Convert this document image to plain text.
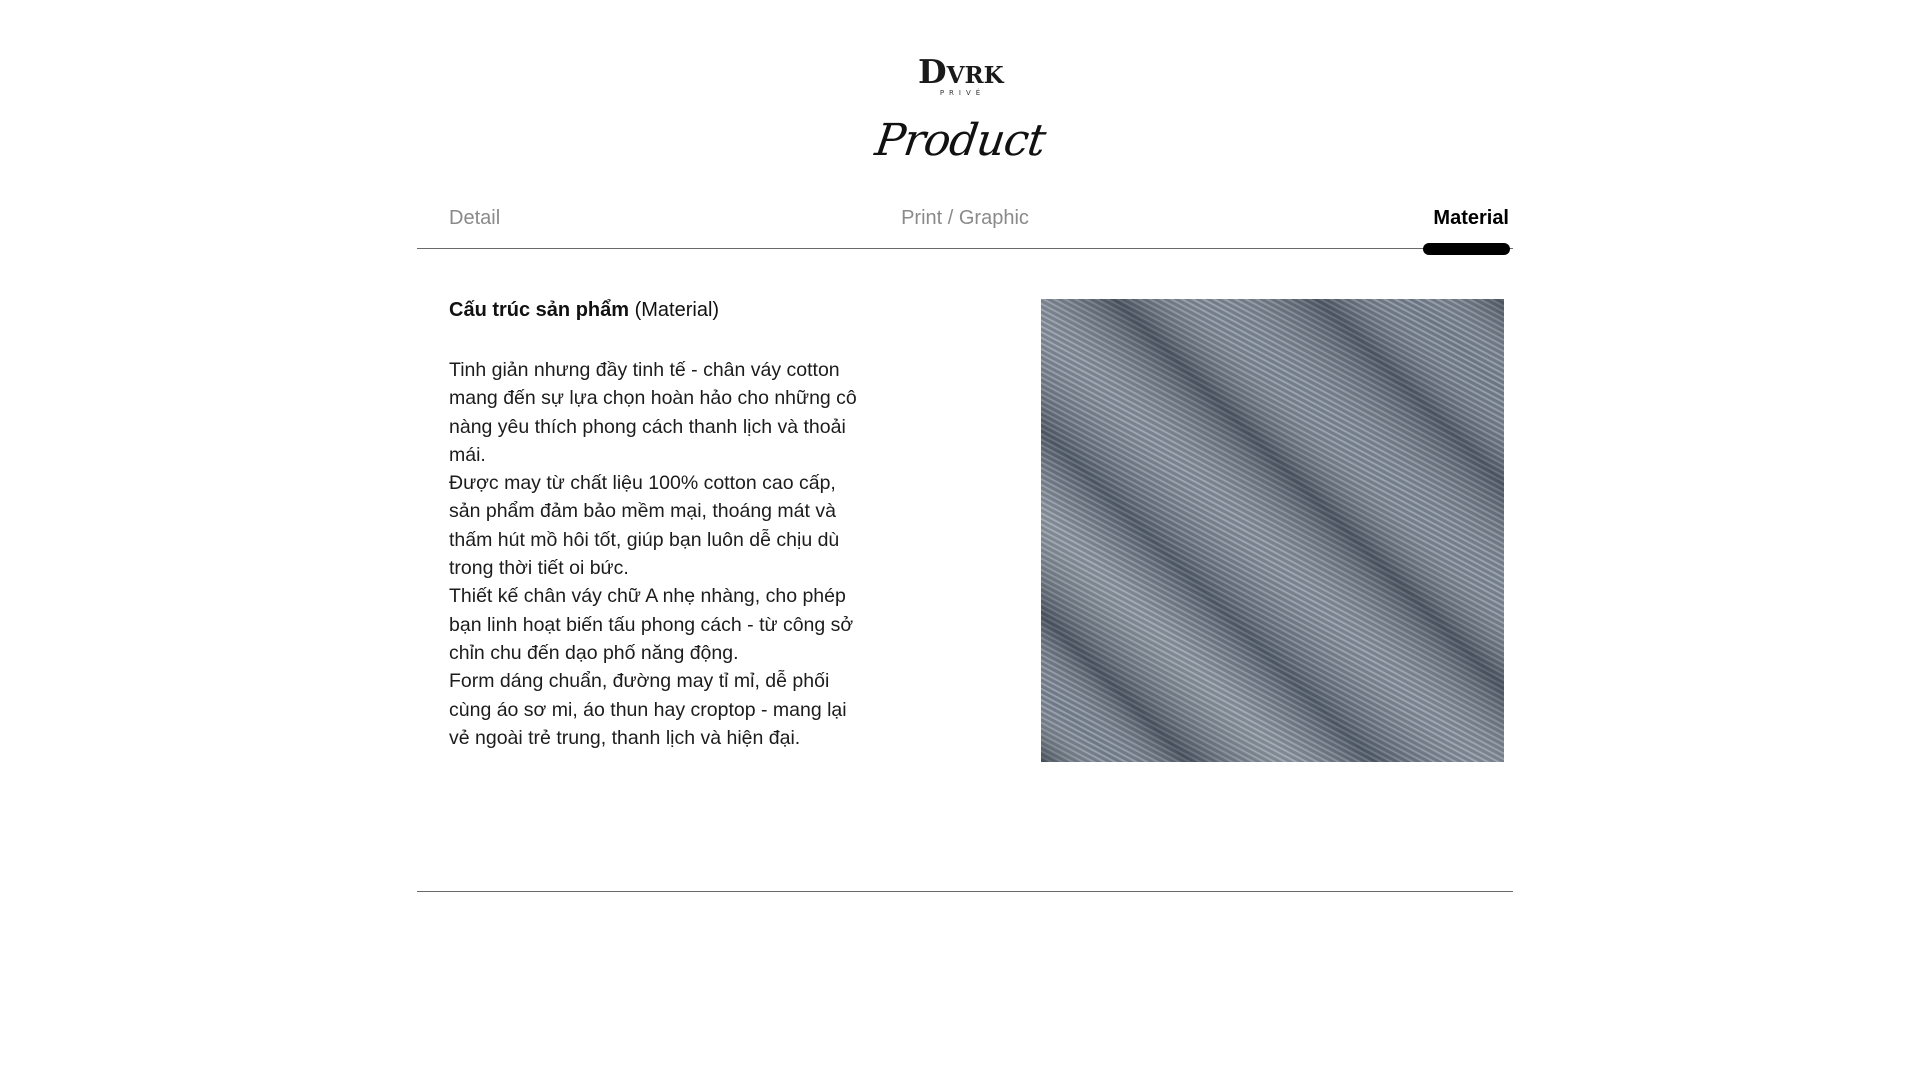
DVRK
PRIVÉ
Product
Detail	Print / Graphic	Material
Cấu trúc sản phẩm (Material)

Tinh giản nhưng đầy tinh tế - chân váy cotton mang đến sự lựa chọn hoàn hảo cho những cô nàng yêu thích phong cách thanh lịch và thoải mái.

Được may từ chất liệu 100% cotton cao cấp, sản phẩm đảm bảo mềm mại, thoáng mát và thấm hút mồ hôi tốt, giúp bạn luôn dễ chịu dù trong thời tiết oi bức.

Thiết kế chân váy chữ A nhẹ nhàng, cho phép bạn linh hoạt biến tấu phong cách - từ công sở chỉn chu đến dạo phố năng động.

Form dáng chuẩn, đường may tỉ mỉ, dễ phối cùng áo sơ mi, áo thun hay croptop - mang lại vẻ ngoài trẻ trung, thanh lịch và hiện đại.
